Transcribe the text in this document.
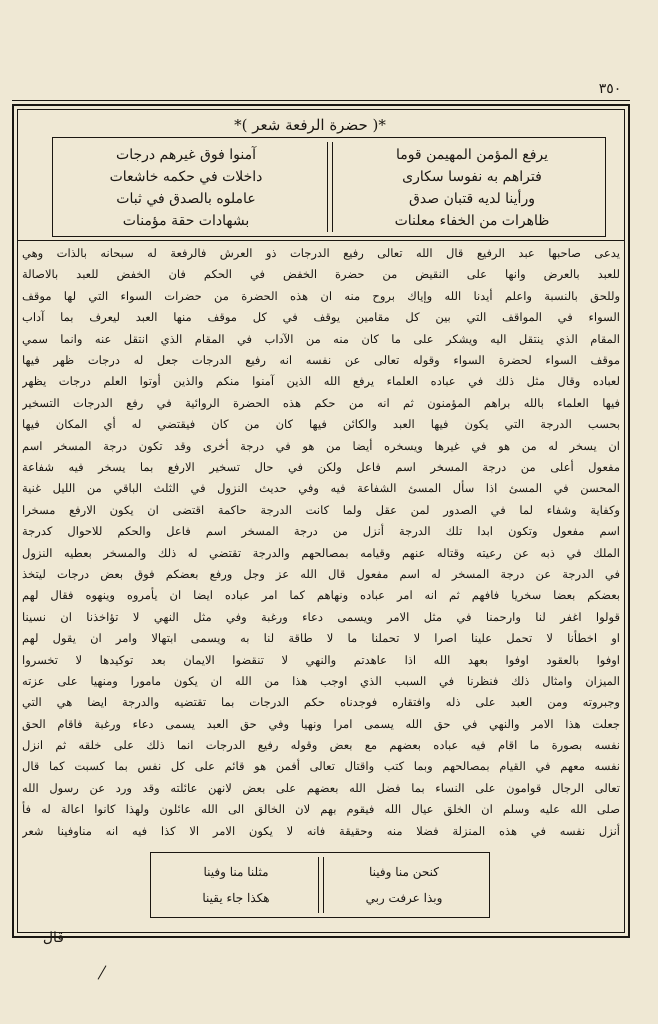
٣٥٠
*( حضرة الرفعة شعر )*
يرفع المؤمن المهيمن قوما
آمنوا فوق غيرهم درجات
فتراهم به نفوسا سكارى
داخلات في حكمه خاشعات
ورأينا لديه قتبان صدق
عاملوه بالصدق في ثبات
ظاهرات من الخفاء معلنات
بشهادات حقة مؤمنات
يدعى صاحبها عبد الرفيع قال الله تعالى رفيع الدرجات ذو العرش فالرفعة له سبحانه بالذات وهي
للعبد بالعرض وانها على النقيض من حضرة الخفض في الحكم فان الخفض للعبد بالاصالة
وللحق بالنسبة واعلم أيدنا الله وإياك بروح منه ان هذه الحضرة من حضرات السواء التي لها موقف
السواء في المواقف التي بين كل مقامين يوقف في كل موقف منها العبد ليعرف بما آداب
المقام الذي ينتقل اليه ويشكر على ما كان منه من الآداب في المقام الذي انتقل عنه وانما سمي
موقف السواء لحضرة السواء وقوله تعالى عن نفسه انه رفيع الدرجات جعل له درجات ظهر فيها
لعباده وقال مثل ذلك في عباده العلماء يرفع الله الذين آمنوا منكم والذين أوتوا العلم درجات يظهر
فيها العلماء بالله براهم المؤمنون ثم انه من حكم هذه الحضرة الروائية في رفع الدرجات التسخير
بحسب الدرجة التي يكون فيها العبد والكائن فيها كان من كان فيقتضي له أي المكان فيها
ان يسخر له من هو في غيرها ويسخره أيضا من هو في درجة أخرى وقد تكون درجة المسخر اسم
مفعول أعلى من درجة المسخر اسم فاعل ولكن في حال تسخير الارفع بما يسخر فيه شفاعة
المحسن في المسئ اذا سأل المسئ الشفاعة فيه وفي حديث النزول في الثلث الباقي من الليل غنية
وكفاية وشفاء لما في الصدور لمن عقل ولما كانت الدرجة حاكمة اقتضى ان يكون الارفع مسخرا
اسم مفعول وتكون ابدا تلك الدرجة أنزل من درجة المسخر اسم فاعل والحكم للاحوال كدرجة
الملك في ذبه عن رعيته وقتاله عنهم وقيامه بمصالحهم والدرجة تقتضي له ذلك والمسخر بعطيه النزول
في الدرجة عن درجة المسخر له اسم مفعول قال الله عز وجل ورفع بعضكم فوق بعض درجات ليتخذ
بعضكم بعضا سخريا فافهم ثم انه امر عباده ونهاهم كما امر عباده ايضا ان يأمروه وينهوه فقال لهم
قولوا اغفر لنا وارحمنا في مثل الامر ويسمى دعاء ورغبة وفي مثل النهي لا تؤاخذنا ان نسينا
او اخطأنا لا تحمل علينا اصرا لا تحملنا ما لا طاقة لنا به ويسمى ابتهالا وامر ان يقول لهم
اوفوا بالعقود اوفوا بعهد الله اذا عاهدتم والنهي لا تنقضوا الايمان بعد توكيدها لا تخسروا
الميزان وامثال ذلك فنظرنا في السبب الذي اوجب هذا من الله ان يكون مامورا ومنهيا على عزته
وجبروته ومن العبد على ذله وافتقاره فوجدناه حكم الدرجات بما تقتضيه والدرجة ايضا هي التي
جعلت هذا الامر والنهي في حق الله يسمى امرا ونهيا وفي حق العبد يسمى دعاء ورغبة فاقام الحق
نفسه بصورة ما اقام فيه عباده بعضهم مع بعض وقوله رفيع الدرجات انما ذلك على خلقه ثم انزل
نفسه معهم في القيام بمصالحهم وبما كتب واقتال تعالى أفمن هو قائم على كل نفس بما كسبت كما قال
تعالى الرجال قوامون على النساء بما فضل الله بعضهم على بعض لانهن عائلته وقد ورد عن رسول الله
صلى الله عليه وسلم ان الخلق عيال الله فيقوم بهم لان الخالق الى الله عائلون ولهذا كانوا اعالة له فأ
أنزل نفسه في هذه المنزلة فضلا منه وحقيقة فانه لا يكون الامر الا كذا فيه انه مناوفينا شعر
كنحن منا وفينا
مثلنا منا وفينا
وبذا عرفت ربي
هكذا جاء يقينا
قال
